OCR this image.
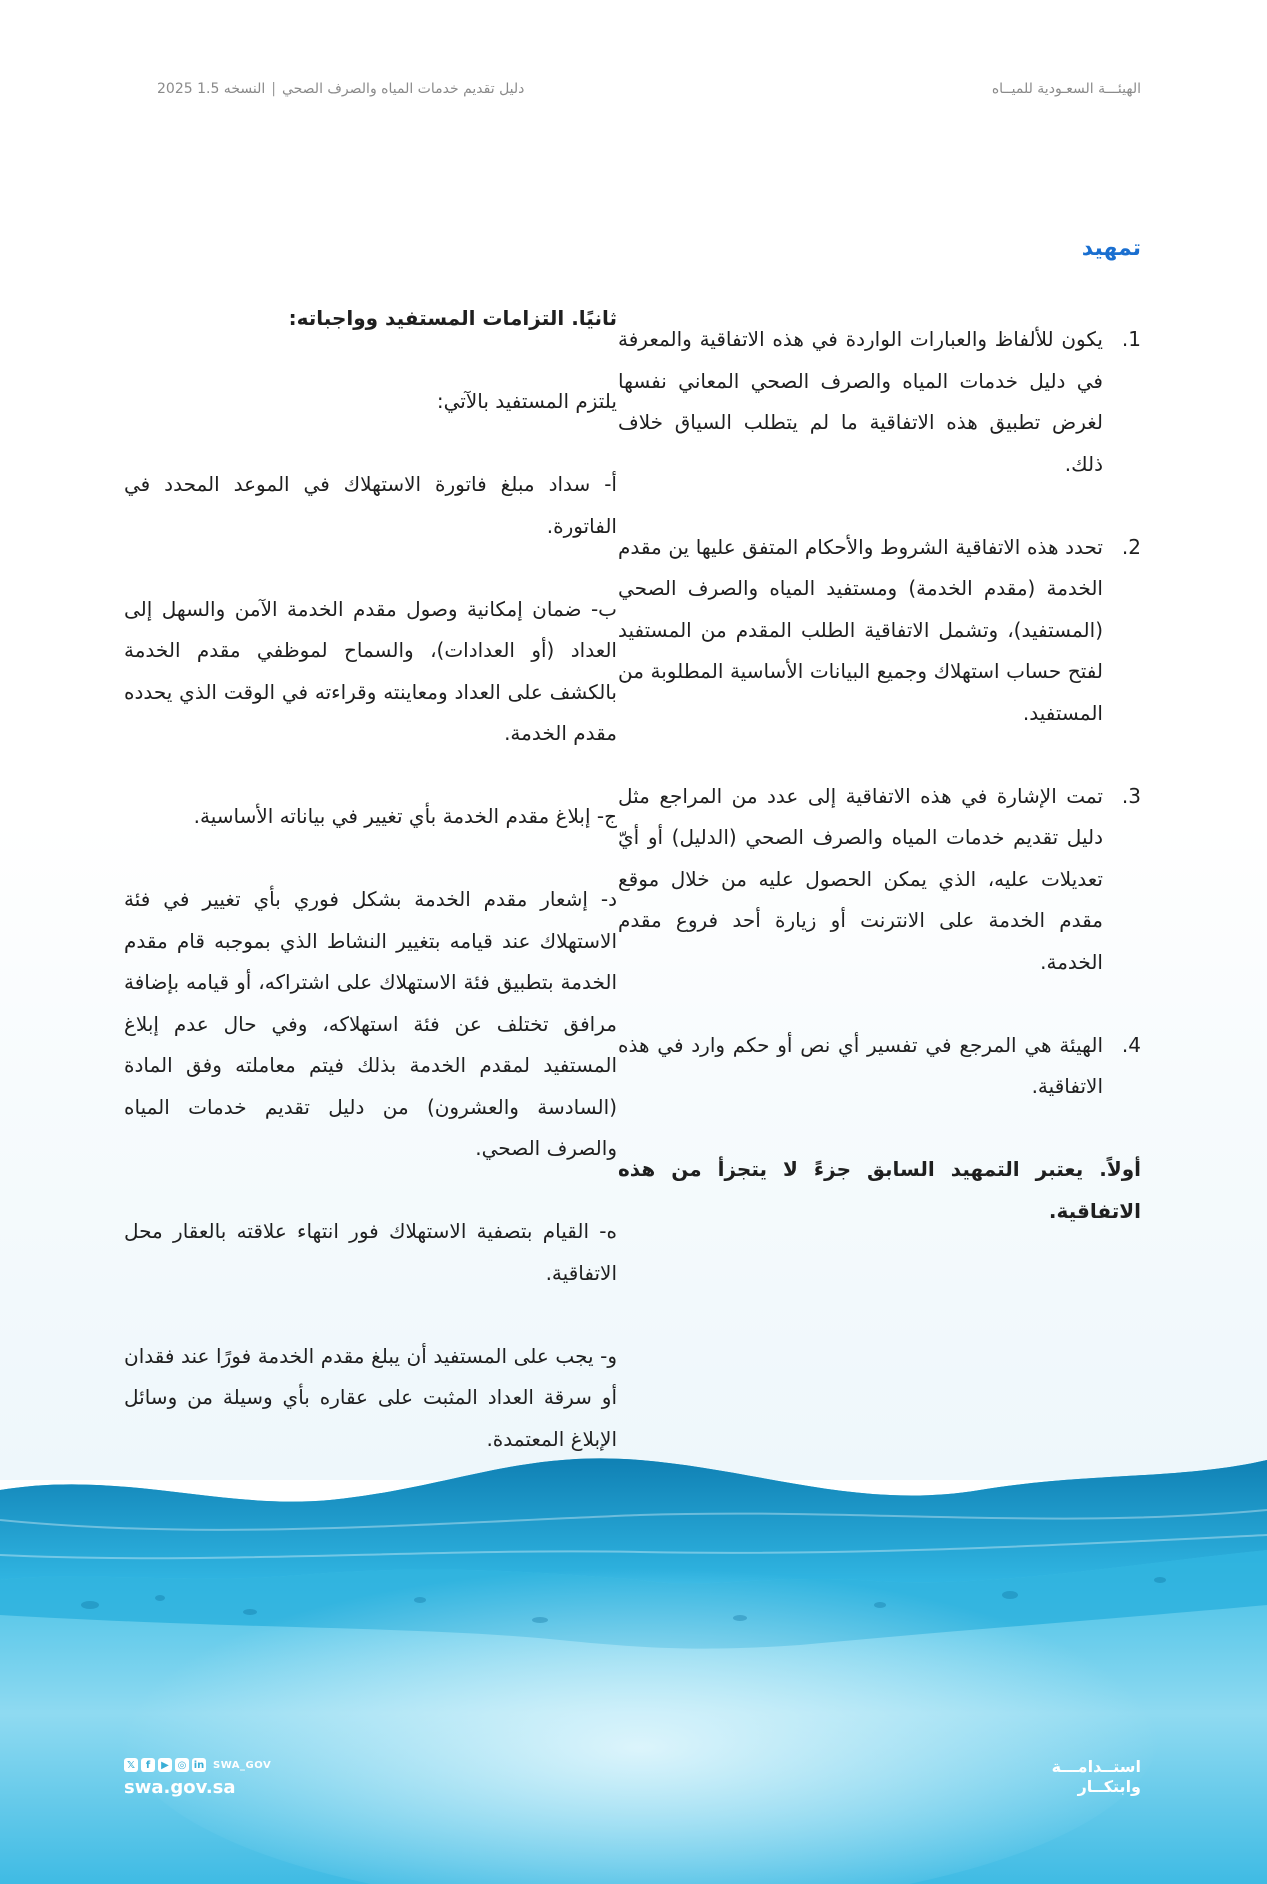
الهيئـــة السعـودية للميــاه
دليل تقديم خدمات المياه والصرف الصحي|النسخه 1.5 2025
تمهيد
1.
يكون للألفاظ والعبارات الواردة في هذه الاتفاقية والمعرفة في دليل خدمات المياه والصرف الصحي المعاني نفسها لغرض تطبيق هذه الاتفاقية ما لم يتطلب السياق خلاف ذلك.
2.
تحدد هذه الاتفاقية الشروط والأحكام المتفق عليها ين مقدم الخدمة (مقدم الخدمة) ومستفيد المياه والصرف الصحي (المستفيد)، وتشمل الاتفاقية الطلب المقدم من المستفيد لفتح حساب استهلاك وجميع البيانات الأساسية المطلوبة من المستفيد.
3.
تمت الإشارة في هذه الاتفاقية إلى عدد من المراجع مثل دليل تقديم خدمات المياه والصرف الصحي (الدليل) أو أيّ تعديلات عليه، الذي يمكن الحصول عليه من خلال موقع مقدم الخدمة على الانترنت أو زيارة أحد فروع مقدم الخدمة.
4.
الهيئة هي المرجع في تفسير أي نص أو حكم وارد في هذه الاتفاقية.
أولاً. يعتبر التمهيد السابق جزءً لا يتجزأ من هذه الاتفاقية.
ثانيًا. التزامات المستفيد وواجباته:

يلتزم المستفيد بالآتي:

أ- سداد مبلغ فاتورة الاستهلاك في الموعد المحدد في الفاتورة.

ب- ضمان إمكانية وصول مقدم الخدمة الآمن والسهل إلى العداد (أو العدادات)، والسماح لموظفي مقدم الخدمة بالكشف على العداد ومعاينته وقراءته في الوقت الذي يحدده مقدم الخدمة.

ج- إبلاغ مقدم الخدمة بأي تغيير في بياناته الأساسية.

د- إشعار مقدم الخدمة بشكل فوري بأي تغيير في فئة الاستهلاك عند قيامه بتغيير النشاط الذي بموجبه قام مقدم الخدمة بتطبيق فئة الاستهلاك على اشتراكه، أو قيامه بإضافة مرافق تختلف عن فئة استهلاكه، وفي حال عدم إبلاغ المستفيد لمقدم الخدمة بذلك فيتم معاملته وفق المادة (السادسة والعشرون) من دليل تقديم خدمات المياه والصرف الصحي.

ه- القيام بتصفية الاستهلاك فور انتهاء علاقته بالعقار محل الاتفاقية.

و- يجب على المستفيد أن يبلغ مقدم الخدمة فورًا عند فقدان أو سرقة العداد المثبت على عقاره بأي وسيلة من وسائل الإبلاغ المعتمدة.

استــدامـــة
وابتكــار
𝕏	f	▶ ◎ in SWA_GOV
swa.gov.sa
